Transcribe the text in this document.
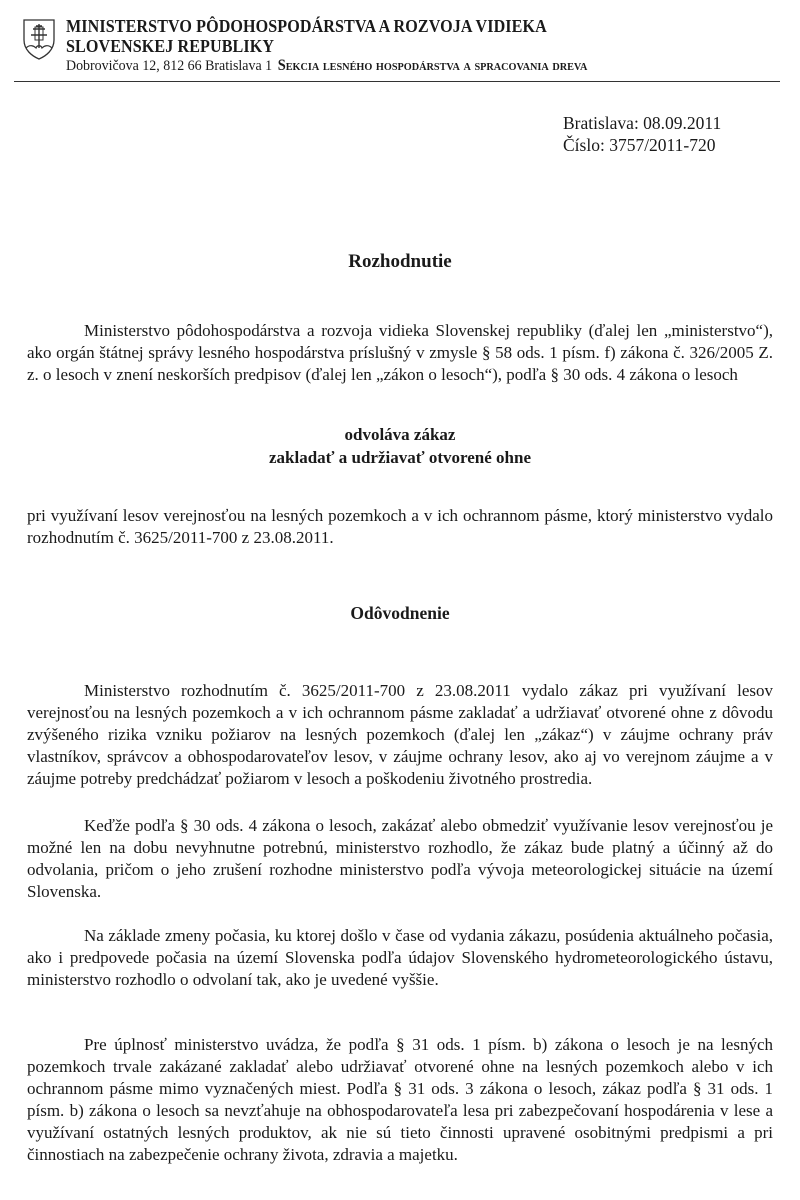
MINISTERSTVO PÔDOHOSPODÁRSTVA A ROZVOJA VIDIEKA
SLOVENSKEJ REPUBLIKY
Dobrovičova 12, 812 66 Bratislava 1 Sekcia lesného hospodárstva a spracovania dreva
Bratislava: 08.09.2011
Číslo: 3757/2011-720
Rozhodnutie
Ministerstvo pôdohospodárstva a rozvoja vidieka Slovenskej republiky (ďalej len „ministerstvo“), ako orgán štátnej správy lesného hospodárstva príslušný v zmysle § 58 ods. 1 písm. f) zákona č. 326/2005 Z. z. o lesoch v znení neskorších predpisov (ďalej len „zákon o lesoch“), podľa § 30 ods. 4 zákona o lesoch
odvoláva zákaz
zakladať a udržiavať otvorené ohne
pri využívaní lesov verejnosťou na lesných pozemkoch a v ich ochrannom pásme, ktorý ministerstvo vydalo rozhodnutím č. 3625/2011-700 z 23.08.2011.
Odôvodnenie
Ministerstvo rozhodnutím č. 3625/2011-700 z 23.08.2011 vydalo zákaz pri využívaní lesov verejnosťou na lesných pozemkoch a v ich ochrannom pásme zakladať a udržiavať otvorené ohne z dôvodu zvýšeného rizika vzniku požiarov na lesných pozemkoch (ďalej len „zákaz“) v záujme ochrany práv vlastníkov, správcov a obhospodarovateľov lesov, v záujme ochrany lesov, ako aj vo verejnom záujme a v záujme potreby predchádzať požiarom v lesoch a poškodeniu životného prostredia.
Keďže podľa § 30 ods. 4 zákona o lesoch, zakázať alebo obmedziť využívanie lesov verejnosťou je možné len na dobu nevyhnutne potrebnú, ministerstvo rozhodlo, že zákaz bude platný a účinný až do odvolania, pričom o jeho zrušení rozhodne ministerstvo podľa vývoja meteorologickej situácie na území Slovenska.
Na základe zmeny počasia, ku ktorej došlo v čase od vydania zákazu, posúdenia aktuálneho počasia, ako i predpovede počasia na území Slovenska podľa údajov Slovenského hydrometeorologického ústavu, ministerstvo rozhodlo o odvolaní tak, ako je uvedené vyššie.
Pre úplnosť ministerstvo uvádza, že podľa § 31 ods. 1 písm. b) zákona o lesoch je na lesných pozemkoch trvale zakázané zakladať alebo udržiavať otvorené ohne na lesných pozemkoch alebo v ich ochrannom pásme mimo vyznačených miest. Podľa § 31 ods. 3 zákona o lesoch, zákaz podľa § 31 ods. 1 písm. b) zákona o lesoch sa nevzťahuje na obhospodarovateľa lesa pri zabezpečovaní hospodárenia v lese a využívaní ostatných lesných produktov, ak nie sú tieto činnosti upravené osobitnými predpismi a pri činnostiach na zabezpečenie ochrany života, zdravia a majetku.
